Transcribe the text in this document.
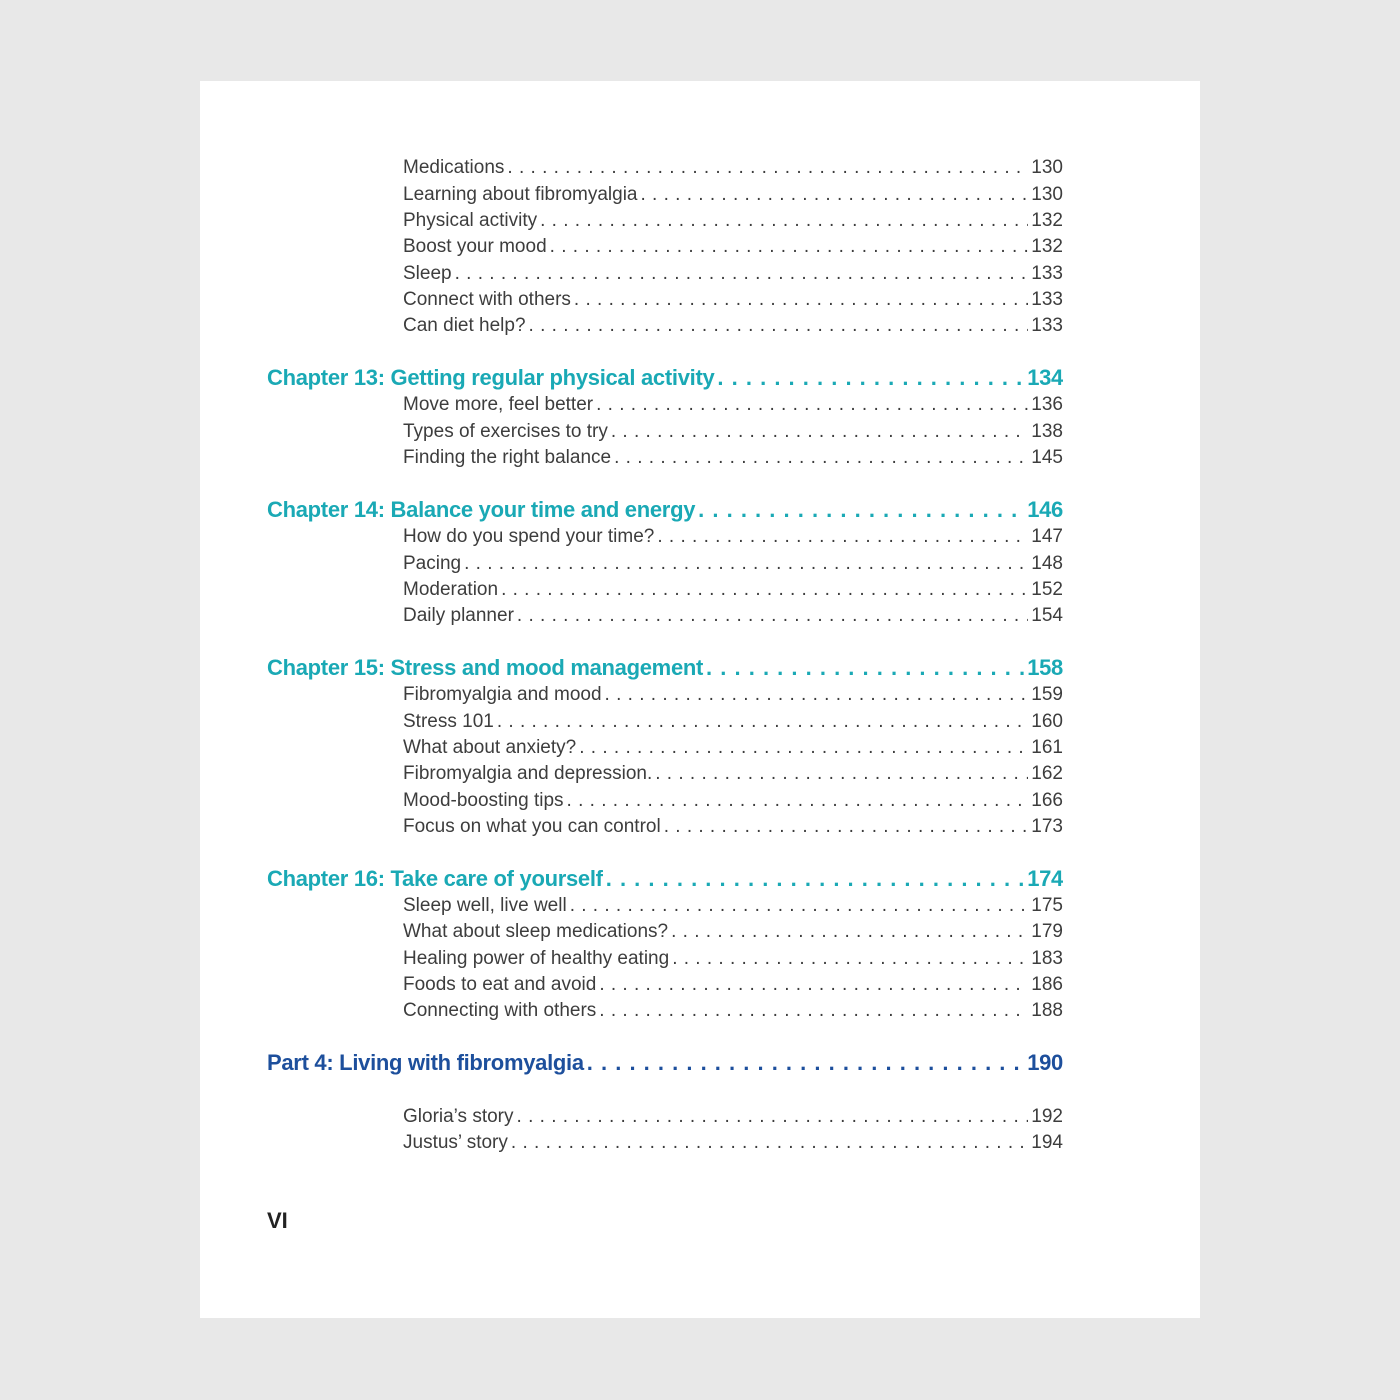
Medications . . .	130
Learning about fibromyalgia . . .	130
Physical activity . . .	132
Boost your mood . . .	132
Sleep . . .	133
Connect with others . . .	133
Can diet help? . . .	133
Chapter 13: Getting regular physical activity . . .	134
Move more, feel better . . .	136
Types of exercises to try . . .	138
Finding the right balance . . .	145
Chapter 14: Balance your time and energy . . .	146
How do you spend your time? . . .	147
Pacing . . .	148
Moderation . . .	152
Daily planner . . .	154
Chapter 15: Stress and mood management . . .	158
Fibromyalgia and mood . . .	159
Stress 101 . . .	160
What about anxiety? . . .	161
Fibromyalgia and depression. . . .	162
Mood-boosting tips . . .	166
Focus on what you can control . . .	173
Chapter 16: Take care of yourself . . .	174
Sleep well, live well . . .	175
What about sleep medications? . . .	179
Healing power of healthy eating . . .	183
Foods to eat and avoid . . .	186
Connecting with others . . .	188
Part 4: Living with fibromyalgia . . .	190
Gloria’s story . . .	192
Justus’ story . . .	194
VI
